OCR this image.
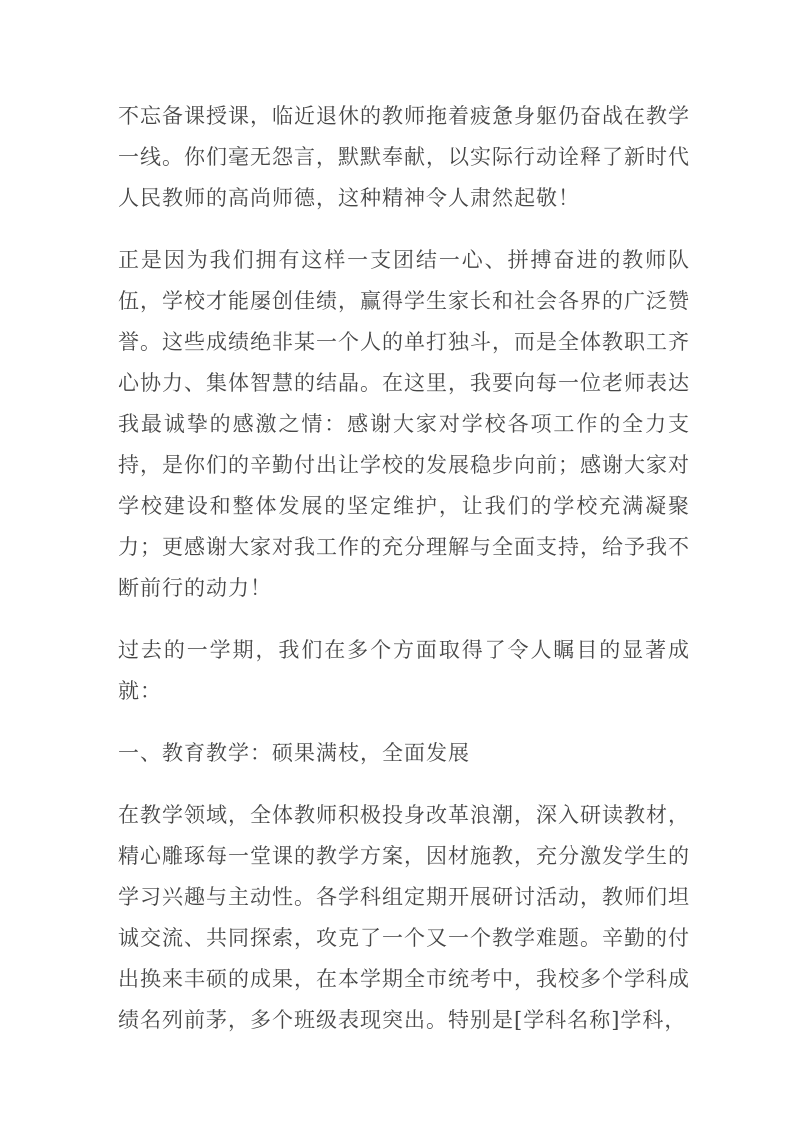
不忘备课授课，临近退休的教师拖着疲惫身躯仍奋战在教学一线。你们毫无怨言，默默奉献，以实际行动诠释了新时代人民教师的高尚师德，这种精神令人肃然起敬！

正是因为我们拥有这样一支团结一心、拼搏奋进的教师队伍，学校才能屡创佳绩，赢得学生家长和社会各界的广泛赞誉。这些成绩绝非某一个人的单打独斗，而是全体教职工齐心协力、集体智慧的结晶。在这里，我要向每一位老师表达我最诚挚的感激之情：感谢大家对学校各项工作的全力支持，是你们的辛勤付出让学校的发展稳步向前；感谢大家对学校建设和整体发展的坚定维护，让我们的学校充满凝聚力；更感谢大家对我工作的充分理解与全面支持，给予我不断前行的动力！

过去的一学期，我们在多个方面取得了令人瞩目的显著成就：

一、教育教学：硕果满枝，全面发展

在教学领域，全体教师积极投身改革浪潮，深入研读教材，精心雕琢每一堂课的教学方案，因材施教，充分激发学生的学习兴趣与主动性。各学科组定期开展研讨活动，教师们坦诚交流、共同探索，攻克了一个又一个教学难题。辛勤的付出换来丰硕的成果，在本学期全市统考中，我校多个学科成绩名列前茅，多个班级表现突出。特别是[学科名称]学科，
